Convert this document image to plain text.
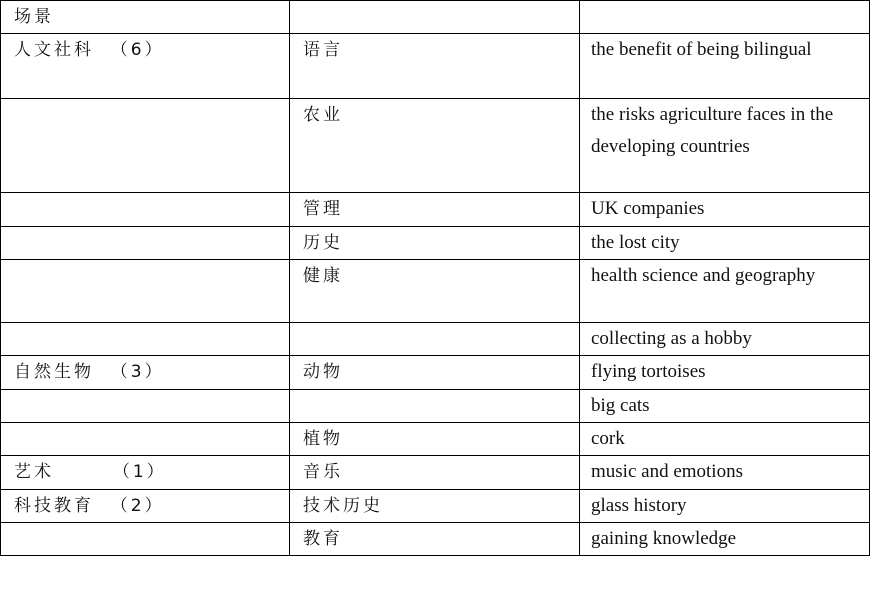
场景		

人文社科  （6）	语言	the benefit of being bilingual

	农业	the risks agriculture faces in the developing countries

	管理	UK companies

	历史	the lost city

	健康	health science and geography

		collecting as a hobby

自然生物  （3）	动物	flying tortoises

		big cats

	植物	cork

艺术       （1）	音乐	music and emotions

科技教育  （2）	技术历史	glass history

	教育	gaining knowledge
